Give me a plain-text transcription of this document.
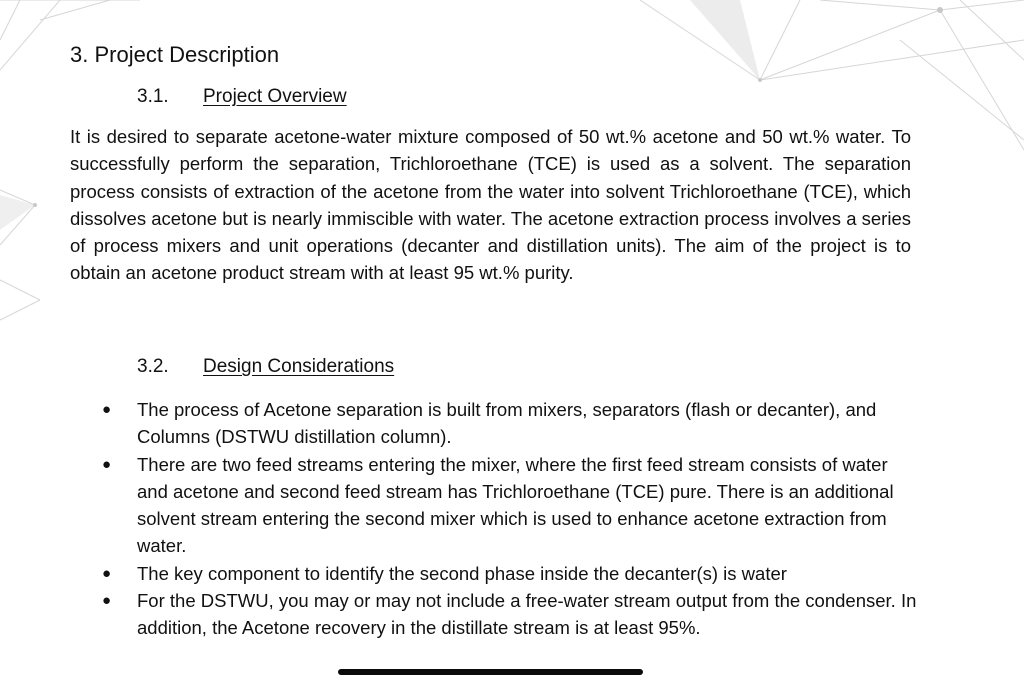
3. Project Description
3.1. Project Overview

It is desired to separate acetone-water mixture composed of 50 wt.% acetone and 50 wt.% water. To successfully perform the separation, Trichloroethane (TCE) is used as a solvent. The separation process consists of extraction of the acetone from the water into solvent Trichloroethane (TCE), which dissolves acetone but is nearly immiscible with water. The acetone extraction process involves a series of process mixers and unit operations (decanter and distillation units). The aim of the project is to obtain an acetone product stream with at least 95 wt.% purity.

3.2. Design Considerations
● The process of Acetone separation is built from mixers, separators (flash or decanter), and Columns (DSTWU distillation column).
● There are two feed streams entering the mixer, where the first feed stream consists of water and acetone and second feed stream has Trichloroethane (TCE) pure. There is an additional solvent stream entering the second mixer which is used to enhance acetone extraction from water.
● The key component to identify the second phase inside the decanter(s) is water
● For the DSTWU, you may or may not include a free-water stream output from the condenser. In addition, the Acetone recovery in the distillate stream is at least 95%.
